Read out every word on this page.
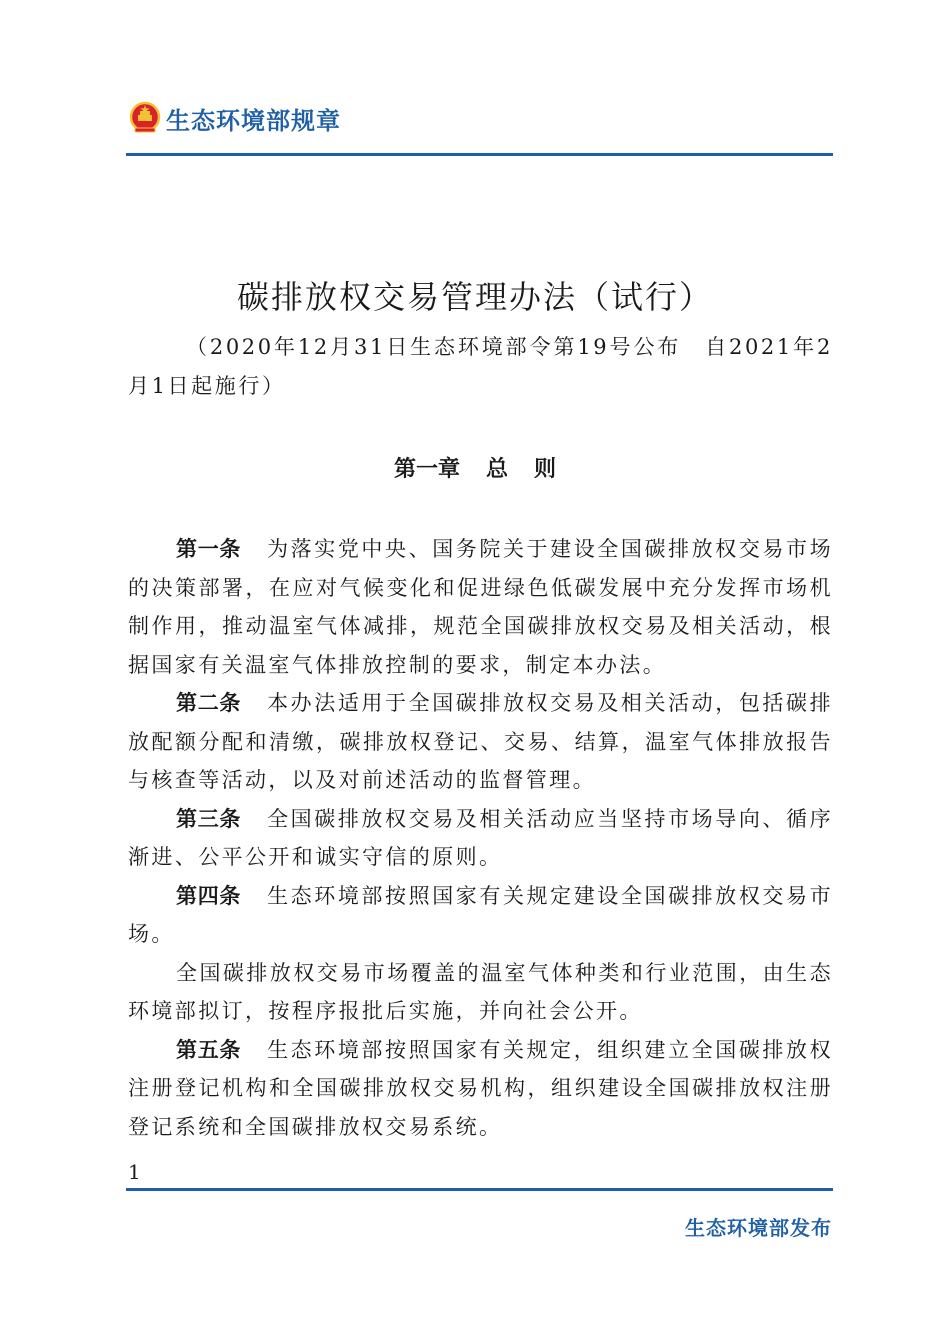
生态环境部规章
碳排放权交易管理办法（试行）
（2020年12月31日生态环境部令第19号公布　自2021年2月1日起施行）
第一章 总 则

第一条 为落实党中央、国务院关于建设全国碳排放权交易市场的决策部署，在应对气候变化和促进绿色低碳发展中充分发挥市场机制作用，推动温室气体减排，规范全国碳排放权交易及相关活动，根据国家有关温室气体排放控制的要求，制定本办法。

第二条 本办法适用于全国碳排放权交易及相关活动，包括碳排放配额分配和清缴，碳排放权登记、交易、结算，温室气体排放报告与核查等活动，以及对前述活动的监督管理。

第三条 全国碳排放权交易及相关活动应当坚持市场导向、循序渐进、公平公开和诚实守信的原则。

第四条 生态环境部按照国家有关规定建设全国碳排放权交易市场。

全国碳排放权交易市场覆盖的温室气体种类和行业范围，由生态环境部拟订，按程序报批后实施，并向社会公开。

第五条 生态环境部按照国家有关规定，组织建立全国碳排放权注册登记机构和全国碳排放权交易机构，组织建设全国碳排放权注册登记系统和全国碳排放权交易系统。

1
生态环境部发布
